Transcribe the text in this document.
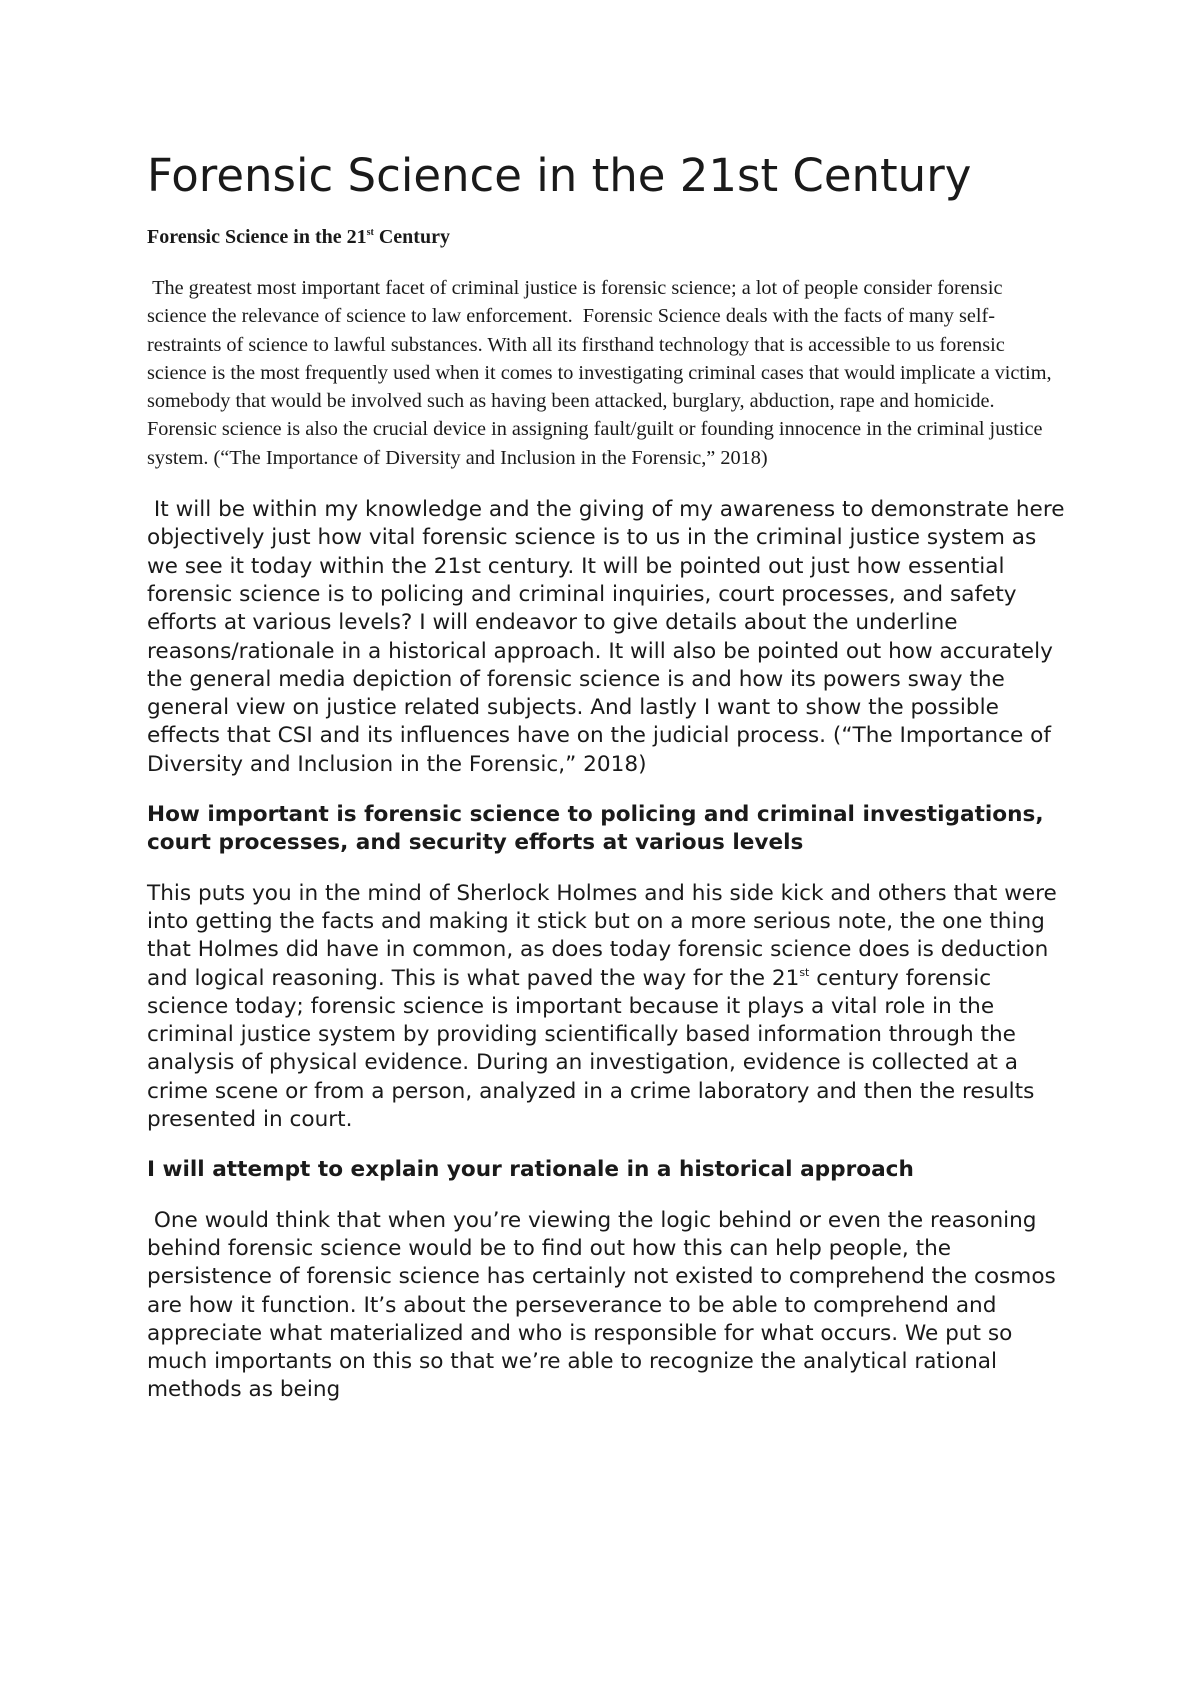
Forensic Science in the 21st Century

Forensic Science in the 21st Century

The greatest most important facet of criminal justice is forensic science; a lot of people consider forensic science the relevance of science to law enforcement.  Forensic Science deals with the facts of many self-restraints of science to lawful substances. With all its firsthand technology that is accessible to us forensic science is the most frequently used when it comes to investigating criminal cases that would implicate a victim, somebody that would be involved such as having been attacked, burglary, abduction, rape and homicide. Forensic science is also the crucial device in assigning fault/guilt or founding innocence in the criminal justice system. (“The Importance of Diversity and Inclusion in the Forensic,” 2018)

It will be within my knowledge and the giving of my awareness to demonstrate here objectively just how vital forensic science is to us in the criminal justice system as we see it today within the 21st century. It will be pointed out just how essential forensic science is to policing and criminal inquiries, court processes, and safety efforts at various levels? I will endeavor to give details about the underline reasons/rationale in a historical approach. It will also be pointed out how accurately the general media depiction of forensic science is and how its powers sway the general view on justice related subjects. And lastly I want to show the possible effects that CSI and its influences have on the judicial process. (“The Importance of Diversity and Inclusion in the Forensic,” 2018)

How important is forensic science to policing and criminal investigations, court processes, and security efforts at various levels

This puts you in the mind of Sherlock Holmes and his side kick and others that were into getting the facts and making it stick but on a more serious note, the one thing that Holmes did have in common, as does today forensic science does is deduction and logical reasoning. This is what paved the way for the 21st century forensic science today; forensic science is important because it plays a vital role in the criminal justice system by providing scientifically based information through the analysis of physical evidence. During an investigation, evidence is collected at a crime scene or from a person, analyzed in a crime laboratory and then the results presented in court.

I will attempt to explain your rationale in a historical approach

One would think that when you’re viewing the logic behind or even the reasoning behind forensic science would be to find out how this can help people, the persistence of forensic science has certainly not existed to comprehend the cosmos are how it function. It’s about the perseverance to be able to comprehend and appreciate what materialized and who is responsible for what occurs. We put so much importants on this so that we’re able to recognize the analytical rational methods as being
